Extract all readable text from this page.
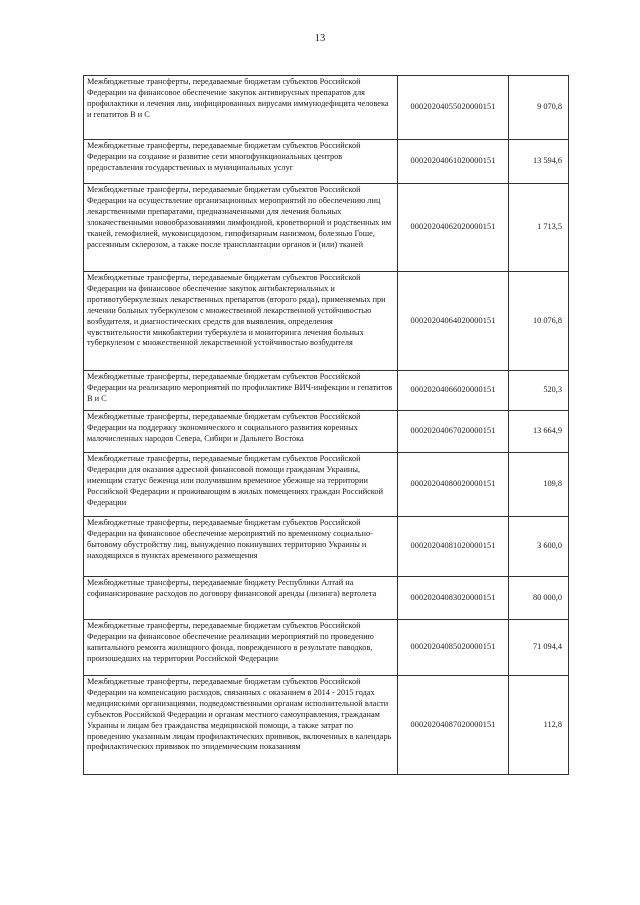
13
Межбюджетные трансферты, передаваемые бюджетам субъектов Российской Федерации на финансовое обеспечение закупок антивирусных препаратов для профилактики и лечения лиц, инфицированных вирусами иммунодефицита человека и гепатитов В и С	00020204055020000151	9 070,8
Межбюджетные трансферты, передаваемые бюджетам субъектов Российской Федерации на создание и развитие сети многофункциональных центров предоставления государственных и муниципальных услуг	00020204061020000151	13 594,6
Межбюджетные трансферты, передаваемые бюджетам субъектов Российской Федерации на осуществление организационных мероприятий по обеспечению лиц лекарственными препаратами, предназначенными для лечения больных злокачественными новообразованиями лимфоидной, кроветворной и родственных им тканей, гемофилией, муковисцидозом, гипофизарным нанизмом, болезнью Гоше, рассеянным склерозом, а также после трансплантации органов и (или) тканей	00020204062020000151	1 713,5
Межбюджетные трансферты, передаваемые бюджетам субъектов Российской Федерации на финансовое обеспечение закупок антибактериальных и противотуберкулезных лекарственных препаратов (второго ряда), применяемых при лечении больных туберкулезом с множественной лекарственной устойчивостью возбудителя, и диагностических средств для выявления, определения чувствительности микобактерии туберкулеза и мониторинга лечения больных туберкулезом с множественной лекарственной устойчивостью возбудителя	00020204064020000151	10 076,8
Межбюджетные трансферты, передаваемые бюджетам субъектов Российской Федерации на реализацию мероприятий по профилактике ВИЧ-инфекции и гепатитов В и С	00020204066020000151	520,3
Межбюджетные трансферты, передаваемые бюджетам субъектов Российской Федерации на поддержку экономического и социального развития коренных малочисленных народов Севера, Сибири и Дальнего Востока	00020204067020000151	13 664,9
Межбюджетные трансферты, передаваемые бюджетам субъектов Российской Федерации для оказания адресной финансовой помощи гражданам Украины, имеющим статус беженца или получившим временное убежище на территории Российской Федерации и проживающим в жилых помещениях граждан Российской Федерации	00020204080020000151	109,8
Межбюджетные трансферты, передаваемые бюджетам субъектов Российской Федерации на финансовое обеспечение мероприятий по временному социально-бытовому обустройству лиц, вынужденно покинувших территорию Украины и находящихся в пунктах временного размещения	00020204081020000151	3 600,0
Межбюджетные трансферты, передаваемые бюджету Республики Алтай на софинансирование расходов по договору финансовой аренды (лизинга) вертолета	00020204083020000151	80 000,0
Межбюджетные трансферты, передаваемые бюджетам субъектов Российской Федерации на финансовое обеспечение реализации мероприятий по проведению капитального ремонта жилищного фонда, поврежденного в результате паводков, произошедших на территории Российской Федерации	00020204085020000151	71 094,4
Межбюджетные трансферты, передаваемые бюджетам субъектов Российской Федерации на компенсацию расходов, связанных с оказанием в 2014 - 2015 годах медицинскими организациями, подведомственными органам исполнительной власти субъектов Российской Федерации и органам местного самоуправления, гражданам Украины и лицам без гражданства медицинской помощи, а также затрат по проведению указанным лицам профилактических прививок, включенных в календарь профилактических прививок по эпидемическим показаниям	00020204087020000151	112,8
